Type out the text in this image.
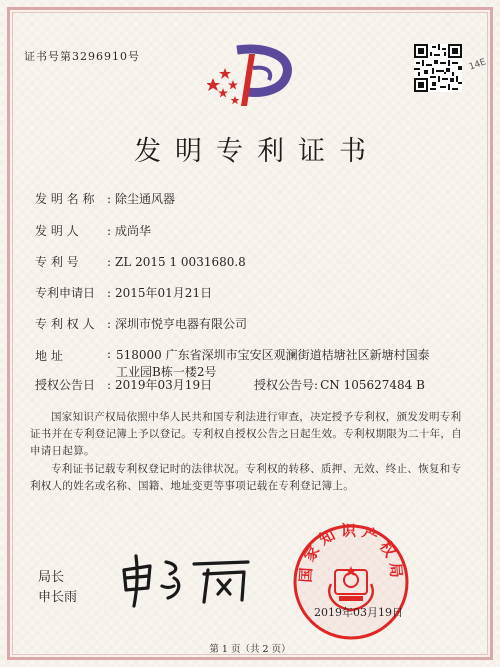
证书号第3296910号
14E
发明专利证书
发 明 名 称 : 除尘通风器
发 明 人 : 成尚华
专 利 号 : ZL 2015 1 0031680.8
专利申请日 : 2015年01月21日
专 利 权 人 : 深圳市悦亨电器有限公司
地 址	: 518000 广东省深圳市宝安区观澜街道桔塘社区新塘村国泰工业园B栋一楼2号
授权公告日 : 2019年03月19日	授权公告号: CN 105627484 B
国家知识产权局依照中华人民共和国专利法进行审查，决定授予专利权，颁发发明专利证书并在专利登记簿上予以登记。专利权自授权公告之日起生效。专利权期限为二十年，自申请日起算。
专利证书记载专利权登记时的法律状况。专利权的转移、质押、无效、终止、恢复和专利权人的姓名或名称、国籍、地址变更等事项记载在专利登记簿上。
国家知识产权局
局长
申长雨
2019年03月19日
第 1 页（共 2 页）
